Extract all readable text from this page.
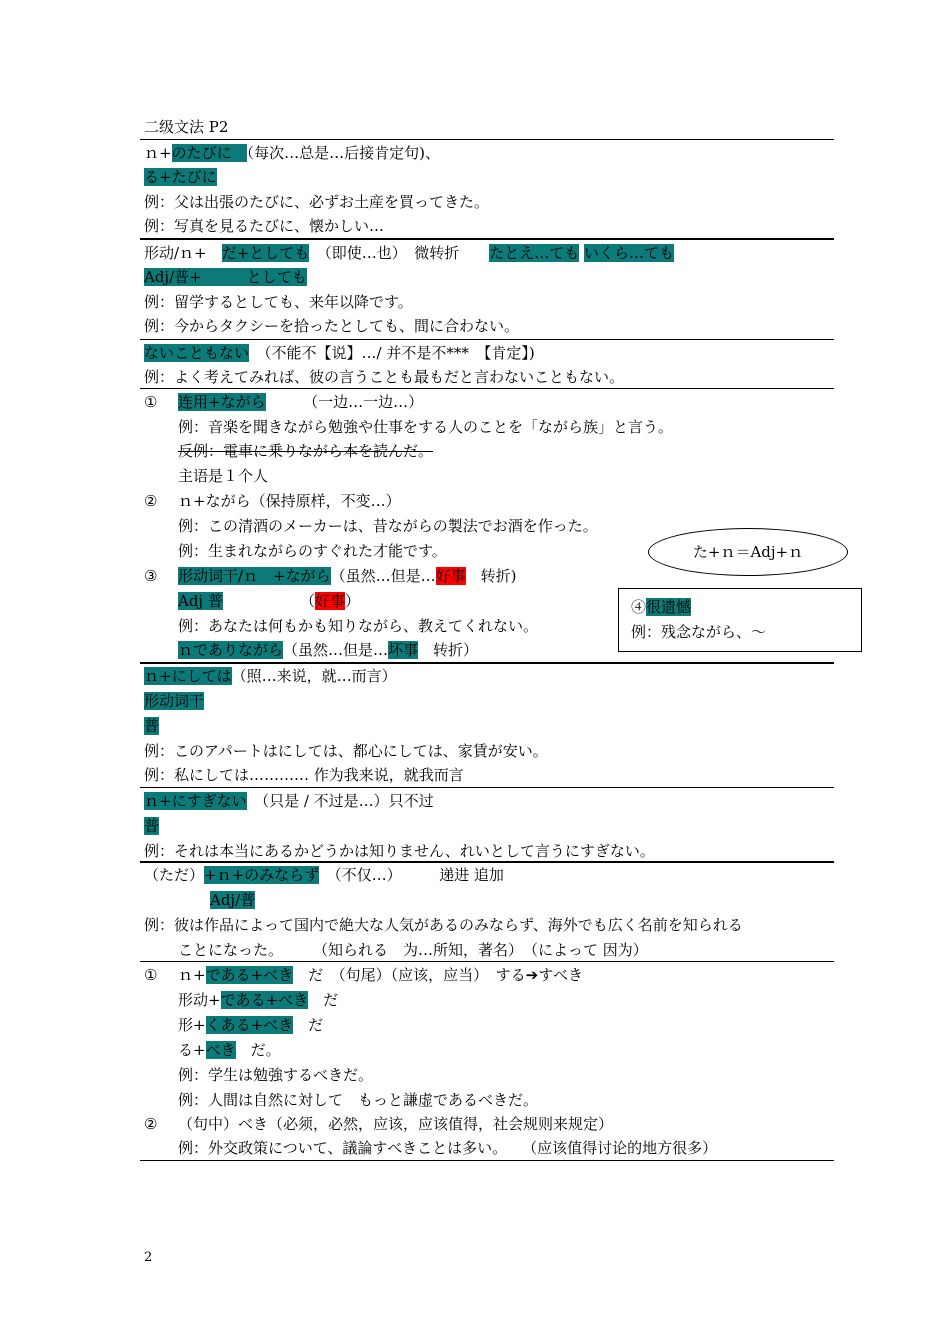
二级文法 P2
ｎ+のたびに　（每次…总是…后接肯定句)、
る+たびに
例：父は出張のたびに、必ずお土産を買ってきた。
例：写真を見るたびに、懐かしい…
形动/ｎ+　だ+としても　（即使…也）　微转折　　たとえ…ても いくら…ても
Adj/普+　　　としても
例：留学するとしても、来年以降です。
例：今からタクシーを拾ったとしても、間に合わない。
ないこともない　（不能不【说】…/ 并不是不***　【肯定】)
例：よく考えてみれば、彼の言うことも最もだと言わないこともない。
① 连用+ながら　　　（一边…一边…）
例：音楽を聞きながら勉強や仕事をする人のことを「ながら族」と言う。
反例：電車に乗りながら本を読んだ。
主语是１个人
② ｎ+ながら（保持原样，不变…）
例：この清酒のメーカーは、昔ながらの製法でお酒を作った。
例：生まれながらのすぐれた才能です。	た+ｎ＝Adj+ｎ
③ 形动词干/ｎ　+ながら（虽然…但是…好事　转折)
Adj 普	（好事）
例：あなたは何もかも知りながら、教えてくれない。
ｎでありながら（虽然…但是…坏事　转折）
④很遗憾
例：残念ながら、～
ｎ+にしては（照…来说，就…而言）
形动词干
普
例：このアパートはにしては、都心にしては、家賃が安い。
例：私にしては………… 作为我来说，就我而言
ｎ+にすぎない　（只是 / 不过是…）只不过
普
例：それは本当にあるかどうかは知りません、れいとして言うにすぎない。
（ただ）+ｎ+のみならず　（不仅…）　　　递进 追加
Adj/普
例：彼は作品によって国内で絶大な人気があるのみならず、海外でも広く名前を知られる
ことになった。　　　（知られる　为…所知，著名）　（によって 因为）
① ｎ+である+べき　だ　（句尾）（应该，应当）　する➔すべき
形动+である+べき　だ
形+くある+べき　だ
る+べき　だ。
例：学生は勉強するべきだ。
例：人間は自然に対して　もっと謙虚であるべきだ。
② （句中）べき（必须，必然，应该，应该值得，社会规则来规定）
例：外交政策について、議論すべきことは多い。　　（应该值得讨论的地方很多）
2
